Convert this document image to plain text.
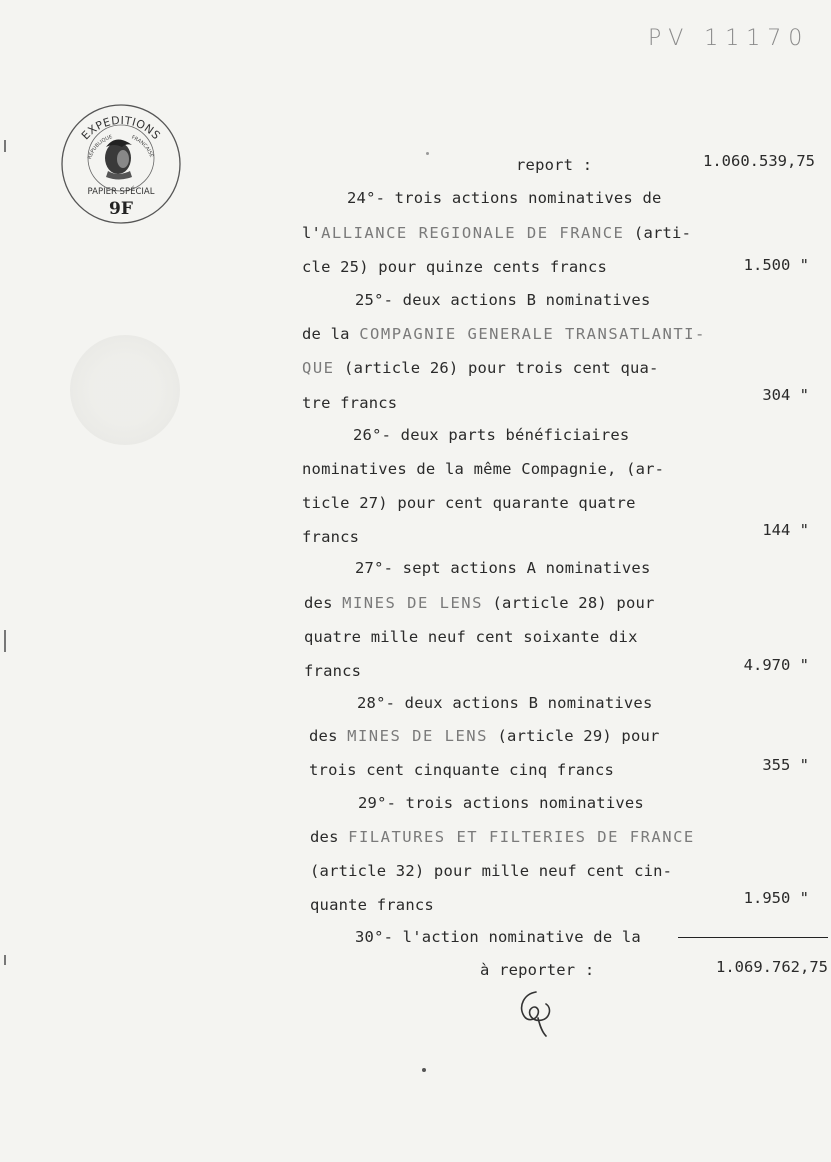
PV 11170
EXPEDITIONS
REPUBLIQUE	FRANCAISE
PAPIER SPÉCIAL
9F
report :	1.060.539,75
24°- trois actions nominatives de
l'ALLIANCE REGIONALE DE FRANCE (arti-
cle 25) pour quinze cents francs	1.500 "
25°- deux actions B nominatives
de la COMPAGNIE GENERALE TRANSATLANTI-
QUE (article 26) pour trois cent qua-
tre francs	304 "
26°- deux parts bénéficiaires
nominatives de la même Compagnie, (ar-
ticle 27) pour cent quarante quatre
francs	144 "
27°- sept actions A nominatives
des MINES DE LENS (article 28) pour
quatre mille neuf cent soixante dix
francs	4.970 "
28°- deux actions B nominatives
des MINES DE LENS (article 29) pour
trois cent cinquante cinq francs	355 "
29°- trois actions nominatives
des FILATURES ET FILTERIES DE FRANCE
(article 32) pour mille neuf cent cin-
quante francs	1.950 "
30°- l'action nominative de la
à reporter :	1.069.762,75
